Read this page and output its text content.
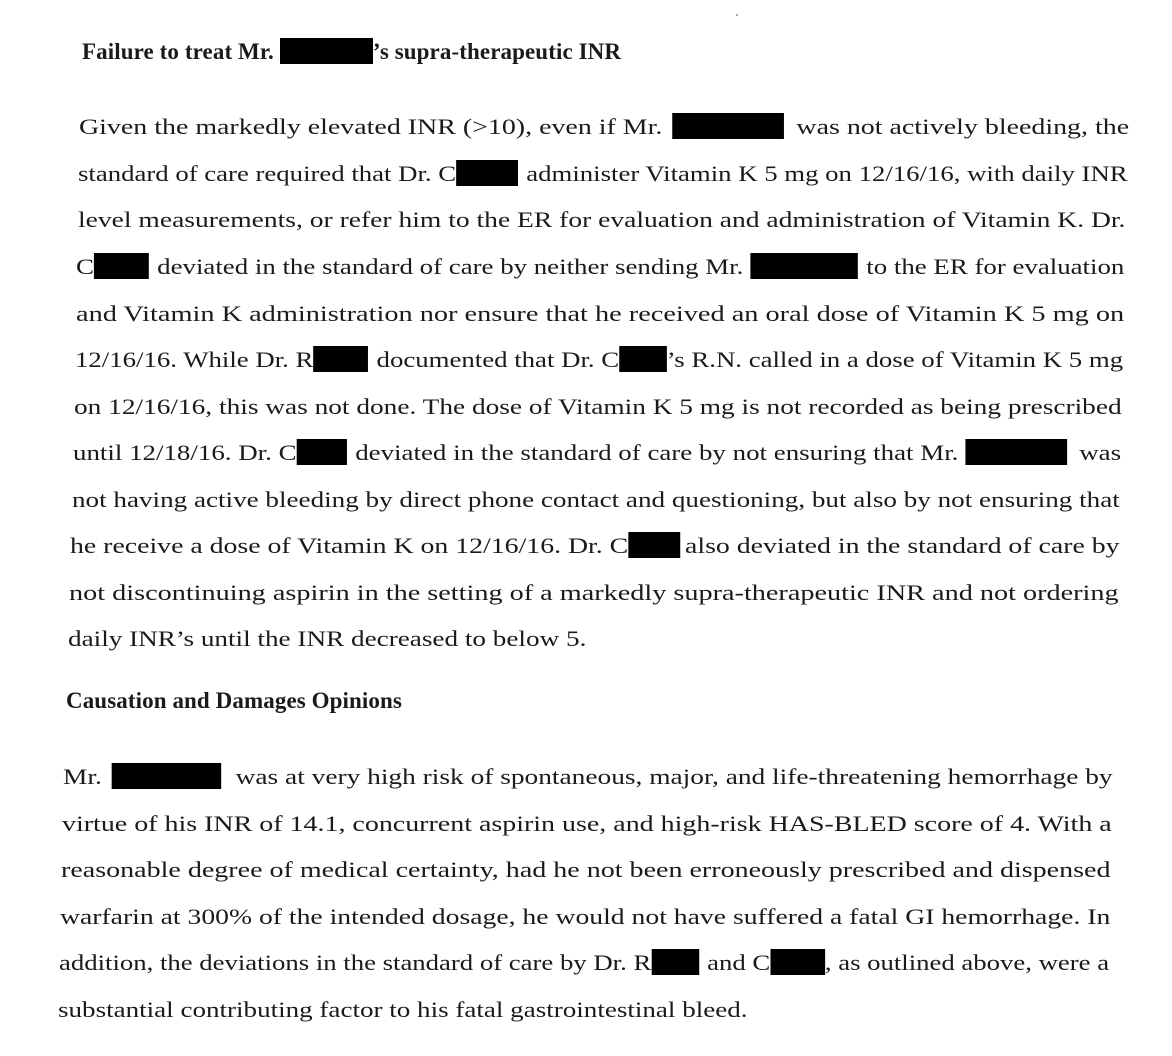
Failure to treat Mr.	’s supra-therapeutic INR
Given the markedly elevated INR (>10), even if Mr.	was not actively bleeding, the
standard of care required that Dr. C	administer Vitamin K 5 mg on 12/16/16, with daily INR
level measurements, or refer him to the ER for evaluation and administration of Vitamin K. Dr.
C	deviated in the standard of care by neither sending Mr.	to the ER for evaluation
and Vitamin K administration nor ensure that he received an oral dose of Vitamin K 5 mg on
12/16/16. While Dr. R	documented that Dr. C ’s R.N. called in a dose of Vitamin K 5 mg
on 12/16/16, this was not done. The dose of Vitamin K 5 mg is not recorded as being prescribed
until 12/18/16. Dr. C	deviated in the standard of care by not ensuring that Mr.	was
not having active bleeding by direct phone contact and questioning, but also by not ensuring that
he receive a dose of Vitamin K on 12/16/16. Dr. C	also deviated in the standard of care by
not discontinuing aspirin in the setting of a markedly supra-therapeutic INR and not ordering
daily INR’s until the INR decreased to below 5.
Causation and Damages Opinions
Mr.	was at very high risk of spontaneous, major, and life-threatening hemorrhage by
virtue of his INR of 14.1, concurrent aspirin use, and high-risk HAS-BLED score of 4. With a
reasonable degree of medical certainty, had he not been erroneously prescribed and dispensed
warfarin at 300% of the intended dosage, he would not have suffered a fatal GI hemorrhage. In
addition, the deviations in the standard of care by Dr. R and C , as outlined above, were a
substantial contributing factor to his fatal gastrointestinal bleed.
